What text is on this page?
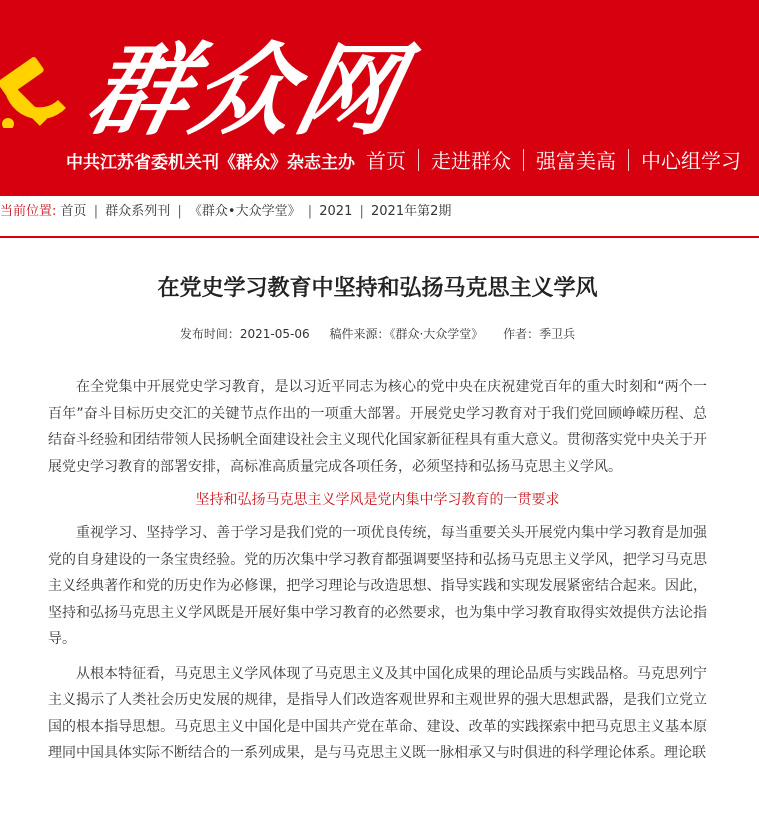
群众网
中共江苏省委机关刊《群众》杂志主办 首页	走进群众	强富美高	中心组学习
当前位置: 首页 | 群众系列刊 | 《群众•大众学堂》 | 2021 | 2021年第2期
在党史学习教育中坚持和弘扬马克思主义学风
发布时间：2021-05-06 稿件来源：《群众·大众学堂》 作者：季卫兵

在全党集中开展党史学习教育，是以习近平同志为核心的党中央在庆祝建党百年的重大时刻和“两个一百年”奋斗目标历史交汇的关键节点作出的一项重大部署。开展党史学习教育对于我们党回顾峥嵘历程、总结奋斗经验和团结带领人民扬帆全面建设社会主义现代化国家新征程具有重大意义。贯彻落实党中央关于开展党史学习教育的部署安排，高标准高质量完成各项任务，必须坚持和弘扬马克思主义学风。

坚持和弘扬马克思主义学风是党内集中学习教育的一贯要求

重视学习、坚持学习、善于学习是我们党的一项优良传统，每当重要关头开展党内集中学习教育是加强党的自身建设的一条宝贵经验。党的历次集中学习教育都强调要坚持和弘扬马克思主义学风，把学习马克思主义经典著作和党的历史作为必修课，把学习理论与改造思想、指导实践和实现发展紧密结合起来。因此，坚持和弘扬马克思主义学风既是开展好集中学习教育的必然要求，也为集中学习教育取得实效提供方法论指导。

从根本特征看，马克思主义学风体现了马克思主义及其中国化成果的理论品质与实践品格。马克思列宁主义揭示了人类社会历史发展的规律，是指导人们改造客观世界和主观世界的强大思想武器，是我们立党立国的根本指导思想。马克思主义中国化是中国共产党在革命、建设、改革的实践探索中把马克思主义基本原理同中国具体实际不断结合的一系列成果，是与马克思主义既一脉相承又与时俱进的科学理论体系。理论联
